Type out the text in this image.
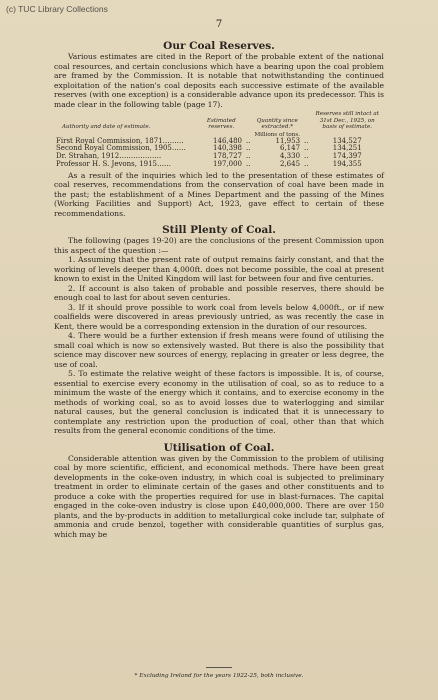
(c) TUC Library Collections
7
Our Coal Reserves.

Various estimates are cited in the Report of the probable extent of the national coal resources, and certain conclusions which have a bearing upon the coal problem are framed by the Commission. It is notable that notwithstanding the continued exploitation of the nation's coal deposits each successive estimate of the available reserves (with one exception) is a considerable advance upon its predecessor. This is made clear in the following table (page 17).

Authority and date of estimate.	Estimated reserves.		Quantity since extracted.*		Reserves still intact at 31st Dec., 1925, on basis of estimate.
			Millions of tons.		
First Royal Commission, 1871………	146,480	..	11,953	..	134,527
Second Royal Commission, 1905……	140,398	..	6,147	..	134,251
Dr. Strahan, 1912………………	178,727	..	4,330	..	174,397
Professor H. S. Jevons, 1915……	197,000	..	2,645	..	194,355

As a result of the inquiries which led to the presentation of these estimates of coal reserves, recommendations from the conservation of coal have been made in the past; the establishment of a Mines Department and the passing of the Mines (Working Facilities and Support) Act, 1923, gave effect to certain of these recommendations.

Still Plenty of Coal.

The following (pages 19-20) are the conclusions of the present Commission upon this aspect of the question :—

1. Assuming that the present rate of output remains fairly constant, and that the working of levels deeper than 4,000ft. does not become possible, the coal at present known to exist in the United Kingdom will last for between four and five centuries.

2. If account is also taken of probable and possible reserves, there should be enough coal to last for about seven centuries.

3. If it should prove possible to work coal from levels below 4,000ft., or if new coalfields were discovered in areas previously untried, as was recently the case in Kent, there would be a corresponding extension in the duration of our resources.

4. There would be a further extension if fresh means were found of utilising the small coal which is now so extensively wasted. But there is also the possibility that science may discover new sources of energy, replacing in greater or less degree, the use of coal.

5. To estimate the relative weight of these factors is impossible. It is, of course, essential to exercise every economy in the utilisation of coal, so as to reduce to a minimum the waste of the energy which it contains, and to exercise economy in the methods of working coal, so as to avoid losses due to waterlogging and similar natural causes, but the general conclusion is indicated that it is unnecessary to contemplate any restriction upon the production of coal, other than that which results from the general economic conditions of the time.

Utilisation of Coal.

Considerable attention was given by the Commission to the problem of utilising coal by more scientific, efficient, and economical methods. There have been great developments in the coke-oven industry, in which coal is subjected to preliminary treatment in order to eliminate certain of the gases and other constituents and to produce a coke with the properties required for use in blast-furnaces. The capital engaged in the coke-oven industry is close upon £40,000,000. There are over 150 plants, and the by-products in addition to metallurgical coke include tar, sulphate of ammonia and crude benzol, together with considerable quantities of surplus gas, which may be

* Excluding Ireland for the years 1922-25, both inclusive.
